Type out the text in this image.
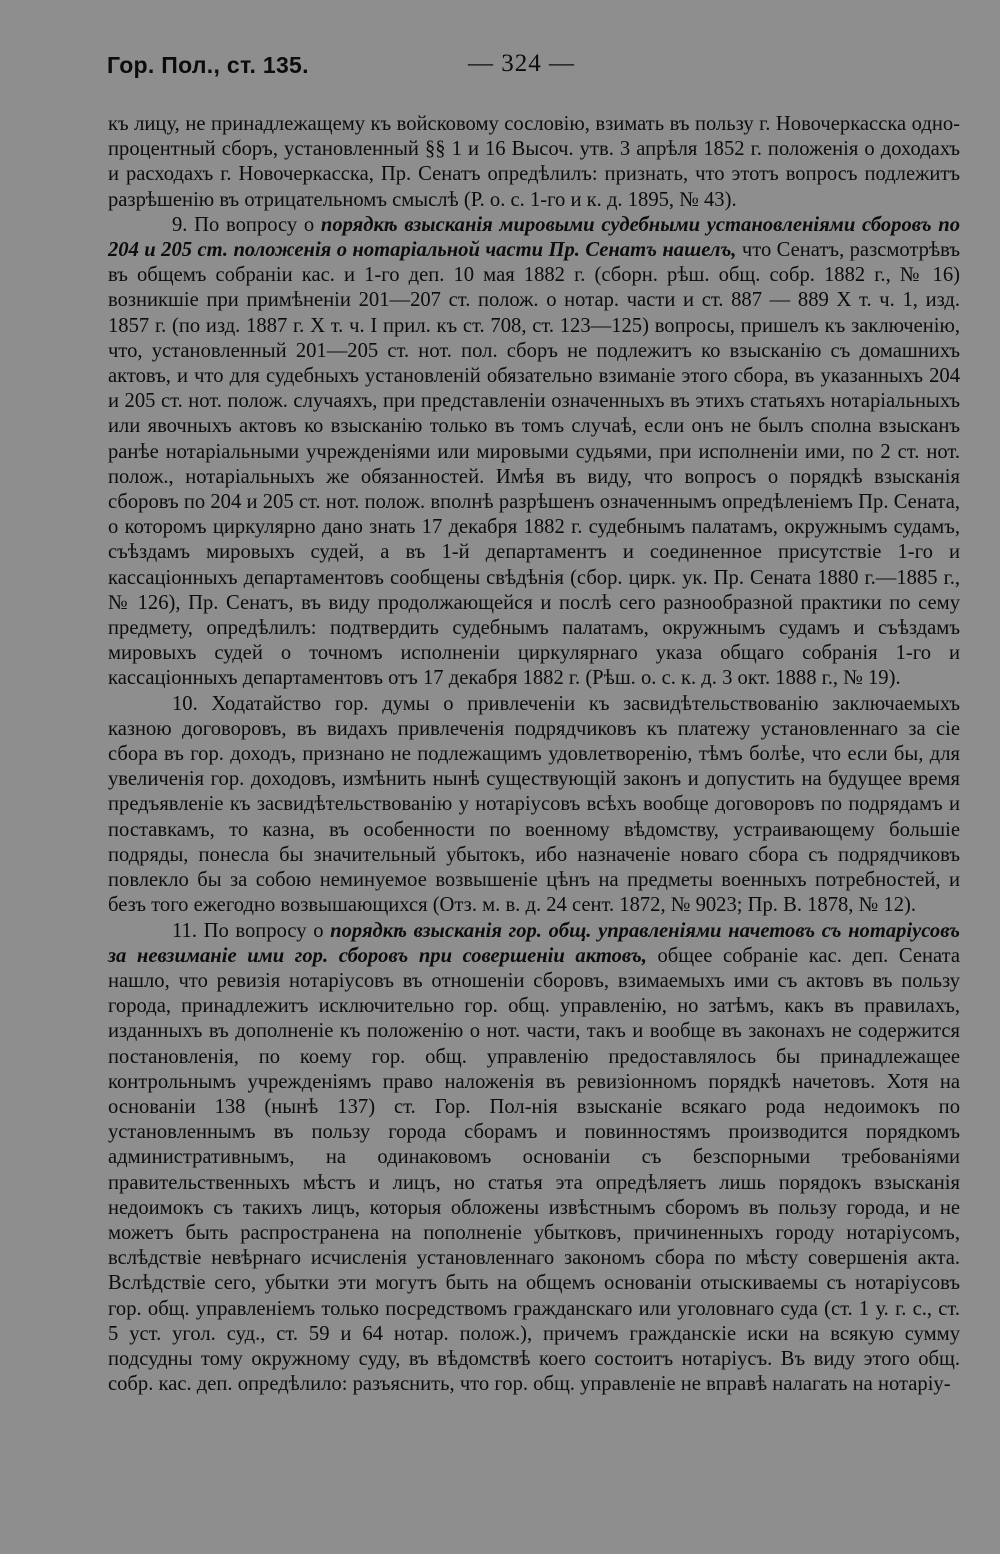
Гор. Пол., ст. 135.	— 324 —

къ лицу, не принадлежащему къ войсковому сословію, взимать въ пользу г. Новочеркасска одно-процентный сборъ, установленный §§ 1 и 16 Высоч. утв. 3 апрѣля 1852 г. положенія о доходахъ и расходахъ г. Новочеркасска, Пр. Сенатъ опредѣлилъ: признать, что этотъ вопросъ подлежитъ разрѣшенію въ отрицательномъ смыслѣ (Р. о. с. 1-го и к. д. 1895, № 43).

9. По вопросу о порядкѣ взысканія мировыми судебными установленіями сборовъ по 204 и 205 ст. положенія о нотаріальной части Пр. Сенатъ нашелъ, что Сенатъ, разсмотрѣвъ въ общемъ собраніи кас. и 1-го деп. 10 мая 1882 г. (сборн. рѣш. общ. собр. 1882 г., № 16) возникшіе при примѣненіи 201—207 ст. полож. о нотар. части и ст. 887 — 889 X т. ч. 1, изд. 1857 г. (по изд. 1887 г. X т. ч. I прил. къ ст. 708, ст. 123—125) вопросы, пришелъ къ заключенію, что, установленный 201—205 ст. нот. пол. сборъ не подлежитъ ко взысканію съ домашнихъ актовъ, и что для судебныхъ установленій обязательно взиманіе этого сбора, въ указанныхъ 204 и 205 ст. нот. полож. случаяхъ, при представленіи означенныхъ въ этихъ статьяхъ нотаріальныхъ или явочныхъ актовъ ко взысканію только въ томъ случаѣ, если онъ не былъ сполна взысканъ ранѣе нотаріальными учрежденіями или мировыми судьями, при исполненіи ими, по 2 ст. нот. полож., нотаріальныхъ же обязанностей. Имѣя въ виду, что вопросъ о порядкѣ взысканія сборовъ по 204 и 205 ст. нот. полож. вполнѣ разрѣшенъ означеннымъ опредѣленіемъ Пр. Сената, о которомъ циркулярно дано знать 17 декабря 1882 г. судебнымъ палатамъ, окружнымъ судамъ, съѣздамъ мировыхъ судей, а въ 1-й департаментъ и соединенное присутствіе 1-го и кассаціонныхъ департаментовъ сообщены свѣдѣнія (сбор. цирк. ук. Пр. Сената 1880 г.—1885 г., № 126), Пр. Сенатъ, въ виду продолжающейся и послѣ сего разнообразной практики по сему предмету, опредѣлилъ: подтвердить судебнымъ палатамъ, окружнымъ судамъ и съѣздамъ мировыхъ судей о точномъ исполненіи циркулярнаго указа общаго собранія 1-го и кассаціонныхъ департаментовъ отъ 17 декабря 1882 г. (Рѣш. о. с. к. д. 3 окт. 1888 г., № 19).

10. Ходатайство гор. думы о привлеченіи къ засвидѣтельствованію заключаемыхъ казною договоровъ, въ видахъ привлеченія подрядчиковъ къ платежу установленнаго за сіе сбора въ гор. доходъ, признано не подлежащимъ удовлетворенію, тѣмъ болѣе, что если бы, для увеличенія гор. доходовъ, измѣнить нынѣ существующій законъ и допустить на будущее время предъявленіе къ засвидѣтельствованію у нотаріусовъ всѣхъ вообще договоровъ по подрядамъ и поставкамъ, то казна, въ особенности по военному вѣдомству, устраивающему большіе подряды, понесла бы значительный убытокъ, ибо назначеніе новаго сбора съ подрядчиковъ повлекло бы за собою неминуемое возвышеніе цѣнъ на предметы военныхъ потребностей, и безъ того ежегодно возвышающихся (Отз. м. в. д. 24 сент. 1872, № 9023; Пр. В. 1878, № 12).

11. По вопросу о порядкѣ взысканія гор. общ. управленіями начетовъ съ нотаріусовъ за невзиманіе ими гор. сборовъ при совершеніи актовъ, общее собраніе кас. деп. Сената нашло, что ревизія нотаріусовъ въ отношеніи сборовъ, взимаемыхъ ими съ актовъ въ пользу города, принадлежитъ исключительно гор. общ. управленію, но затѣмъ, какъ въ правилахъ, изданныхъ въ дополненіе къ положенію о нот. части, такъ и вообще въ законахъ не содержится постановленія, по коему гор. общ. управленію предоставлялось бы принадлежащее контрольнымъ учрежденіямъ право наложенія въ ревизіонномъ порядкѣ начетовъ. Хотя на основаніи 138 (нынѣ 137) ст. Гор. Пол-нія взысканіе всякаго рода недоимокъ по установленнымъ въ пользу города сборамъ и повинностямъ производится порядкомъ административнымъ, на одинаковомъ основаніи съ безспорными требованіями правительственныхъ мѣстъ и лицъ, но статья эта опредѣляетъ лишь порядокъ взысканія недоимокъ съ такихъ лицъ, которыя обложены извѣстнымъ сборомъ въ пользу города, и не можетъ быть распространена на пополненіе убытковъ, причиненныхъ городу нотаріусомъ, вслѣдствіе невѣрнаго исчисленія установленнаго закономъ сбора по мѣсту совершенія акта. Вслѣдствіе сего, убытки эти могутъ быть на общемъ основаніи отыскиваемы съ нотаріусовъ гор. общ. управленіемъ только посредствомъ гражданскаго или уголовнаго суда (ст. 1 у. г. с., ст. 5 уст. угол. суд., ст. 59 и 64 нотар. полож.), причемъ гражданскіе иски на всякую сумму подсудны тому окружному суду, въ вѣдомствѣ коего состоитъ нотаріусъ. Въ виду этого общ. собр. кас. деп. опредѣлило: разъяснить, что гор. общ. управленіе не вправѣ налагать на нотаріу-
